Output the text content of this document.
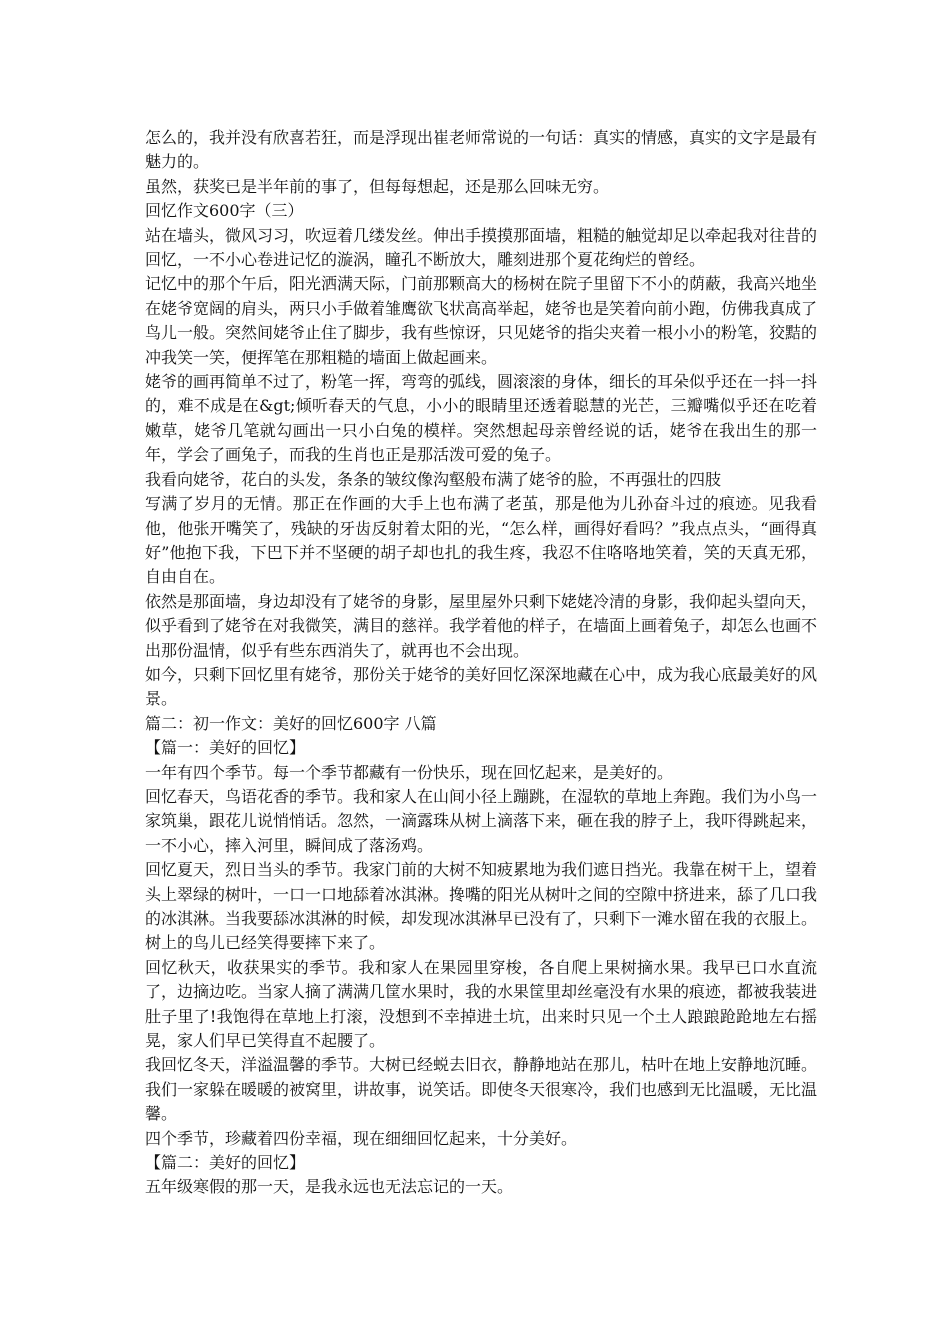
怎么的，我并没有欣喜若狂，而是浮现出崔老师常说的一句话：真实的情感，真实的文字是最有魅力的。

虽然，获奖已是半年前的事了，但每每想起，还是那么回味无穷。

回忆作文600字（三）

站在墙头，微风习习，吹逗着几缕发丝。伸出手摸摸那面墙，粗糙的触觉却足以牵起我对往昔的回忆，一不小心卷进记忆的漩涡，瞳孔不断放大，雕刻进那个夏花绚烂的曾经。

记忆中的那个午后，阳光洒满天际，门前那颗高大的杨树在院子里留下不小的荫蔽，我高兴地坐在姥爷宽阔的肩头，两只小手做着雏鹰欲飞状高高举起，姥爷也是笑着向前小跑，仿佛我真成了鸟儿一般。突然间姥爷止住了脚步，我有些惊讶，只见姥爷的指尖夹着一根小小的粉笔，狡黠的冲我笑一笑，便挥笔在那粗糙的墙面上做起画来。

姥爷的画再简单不过了，粉笔一挥，弯弯的弧线，圆滚滚的身体，细长的耳朵似乎还在一抖一抖的，难不成是在&gt;倾听春天的气息，小小的眼睛里还透着聪慧的光芒，三瓣嘴似乎还在吃着嫩草，姥爷几笔就勾画出一只小白兔的模样。突然想起母亲曾经说的话，姥爷在我出生的那一年，学会了画兔子，而我的生肖也正是那活泼可爱的兔子。

我看向姥爷，花白的头发，条条的皱纹像沟壑般布满了姥爷的脸，不再强壮的四肢

写满了岁月的无情。那正在作画的大手上也布满了老茧，那是他为儿孙奋斗过的痕迹。见我看他，他张开嘴笑了，残缺的牙齿反射着太阳的光，“怎么样，画得好看吗？”我点点头，“画得真好”他抱下我，下巴下并不坚硬的胡子却也扎的我生疼，我忍不住咯咯地笑着，笑的天真无邪，自由自在。

依然是那面墙，身边却没有了姥爷的身影，屋里屋外只剩下姥姥冷清的身影，我仰起头望向天，似乎看到了姥爷在对我微笑，满目的慈祥。我学着他的样子，在墙面上画着兔子，却怎么也画不出那份温情，似乎有些东西消失了，就再也不会出现。

如今，只剩下回忆里有姥爷，那份关于姥爷的美好回忆深深地藏在心中，成为我心底最美好的风景。

篇二：初一作文：美好的回忆600字 八篇

【篇一：美好的回忆】

一年有四个季节。每一个季节都藏有一份快乐，现在回忆起来，是美好的。

回忆春天，鸟语花香的季节。我和家人在山间小径上蹦跳，在湿软的草地上奔跑。我们为小鸟一家筑巢，跟花儿说悄悄话。忽然，一滴露珠从树上滴落下来，砸在我的脖子上，我吓得跳起来，一不小心，摔入河里，瞬间成了落汤鸡。

回忆夏天，烈日当头的季节。我家门前的大树不知疲累地为我们遮日挡光。我靠在树干上，望着头上翠绿的树叶，一口一口地舔着冰淇淋。搀嘴的阳光从树叶之间的空隙中挤进来，舔了几口我的冰淇淋。当我要舔冰淇淋的时候，却发现冰淇淋早已没有了，只剩下一滩水留在我的衣服上。树上的鸟儿已经笑得要摔下来了。

回忆秋天，收获果实的季节。我和家人在果园里穿梭，各自爬上果树摘水果。我早已口水直流了，边摘边吃。当家人摘了满满几筐水果时，我的水果筐里却丝毫没有水果的痕迹，都被我装进肚子里了!我饱得在草地上打滚，没想到不幸掉进土坑，出来时只见一个土人踉踉跄跄地左右摇晃，家人们早已笑得直不起腰了。

我回忆冬天，洋溢温馨的季节。大树已经蜕去旧衣，静静地站在那儿，枯叶在地上安静地沉睡。我们一家躲在暖暖的被窝里，讲故事，说笑话。即使冬天很寒冷，我们也感到无比温暖，无比温馨。

四个季节，珍藏着四份幸福，现在细细回忆起来，十分美好。

【篇二：美好的回忆】

五年级寒假的那一天，是我永远也无法忘记的一天。
